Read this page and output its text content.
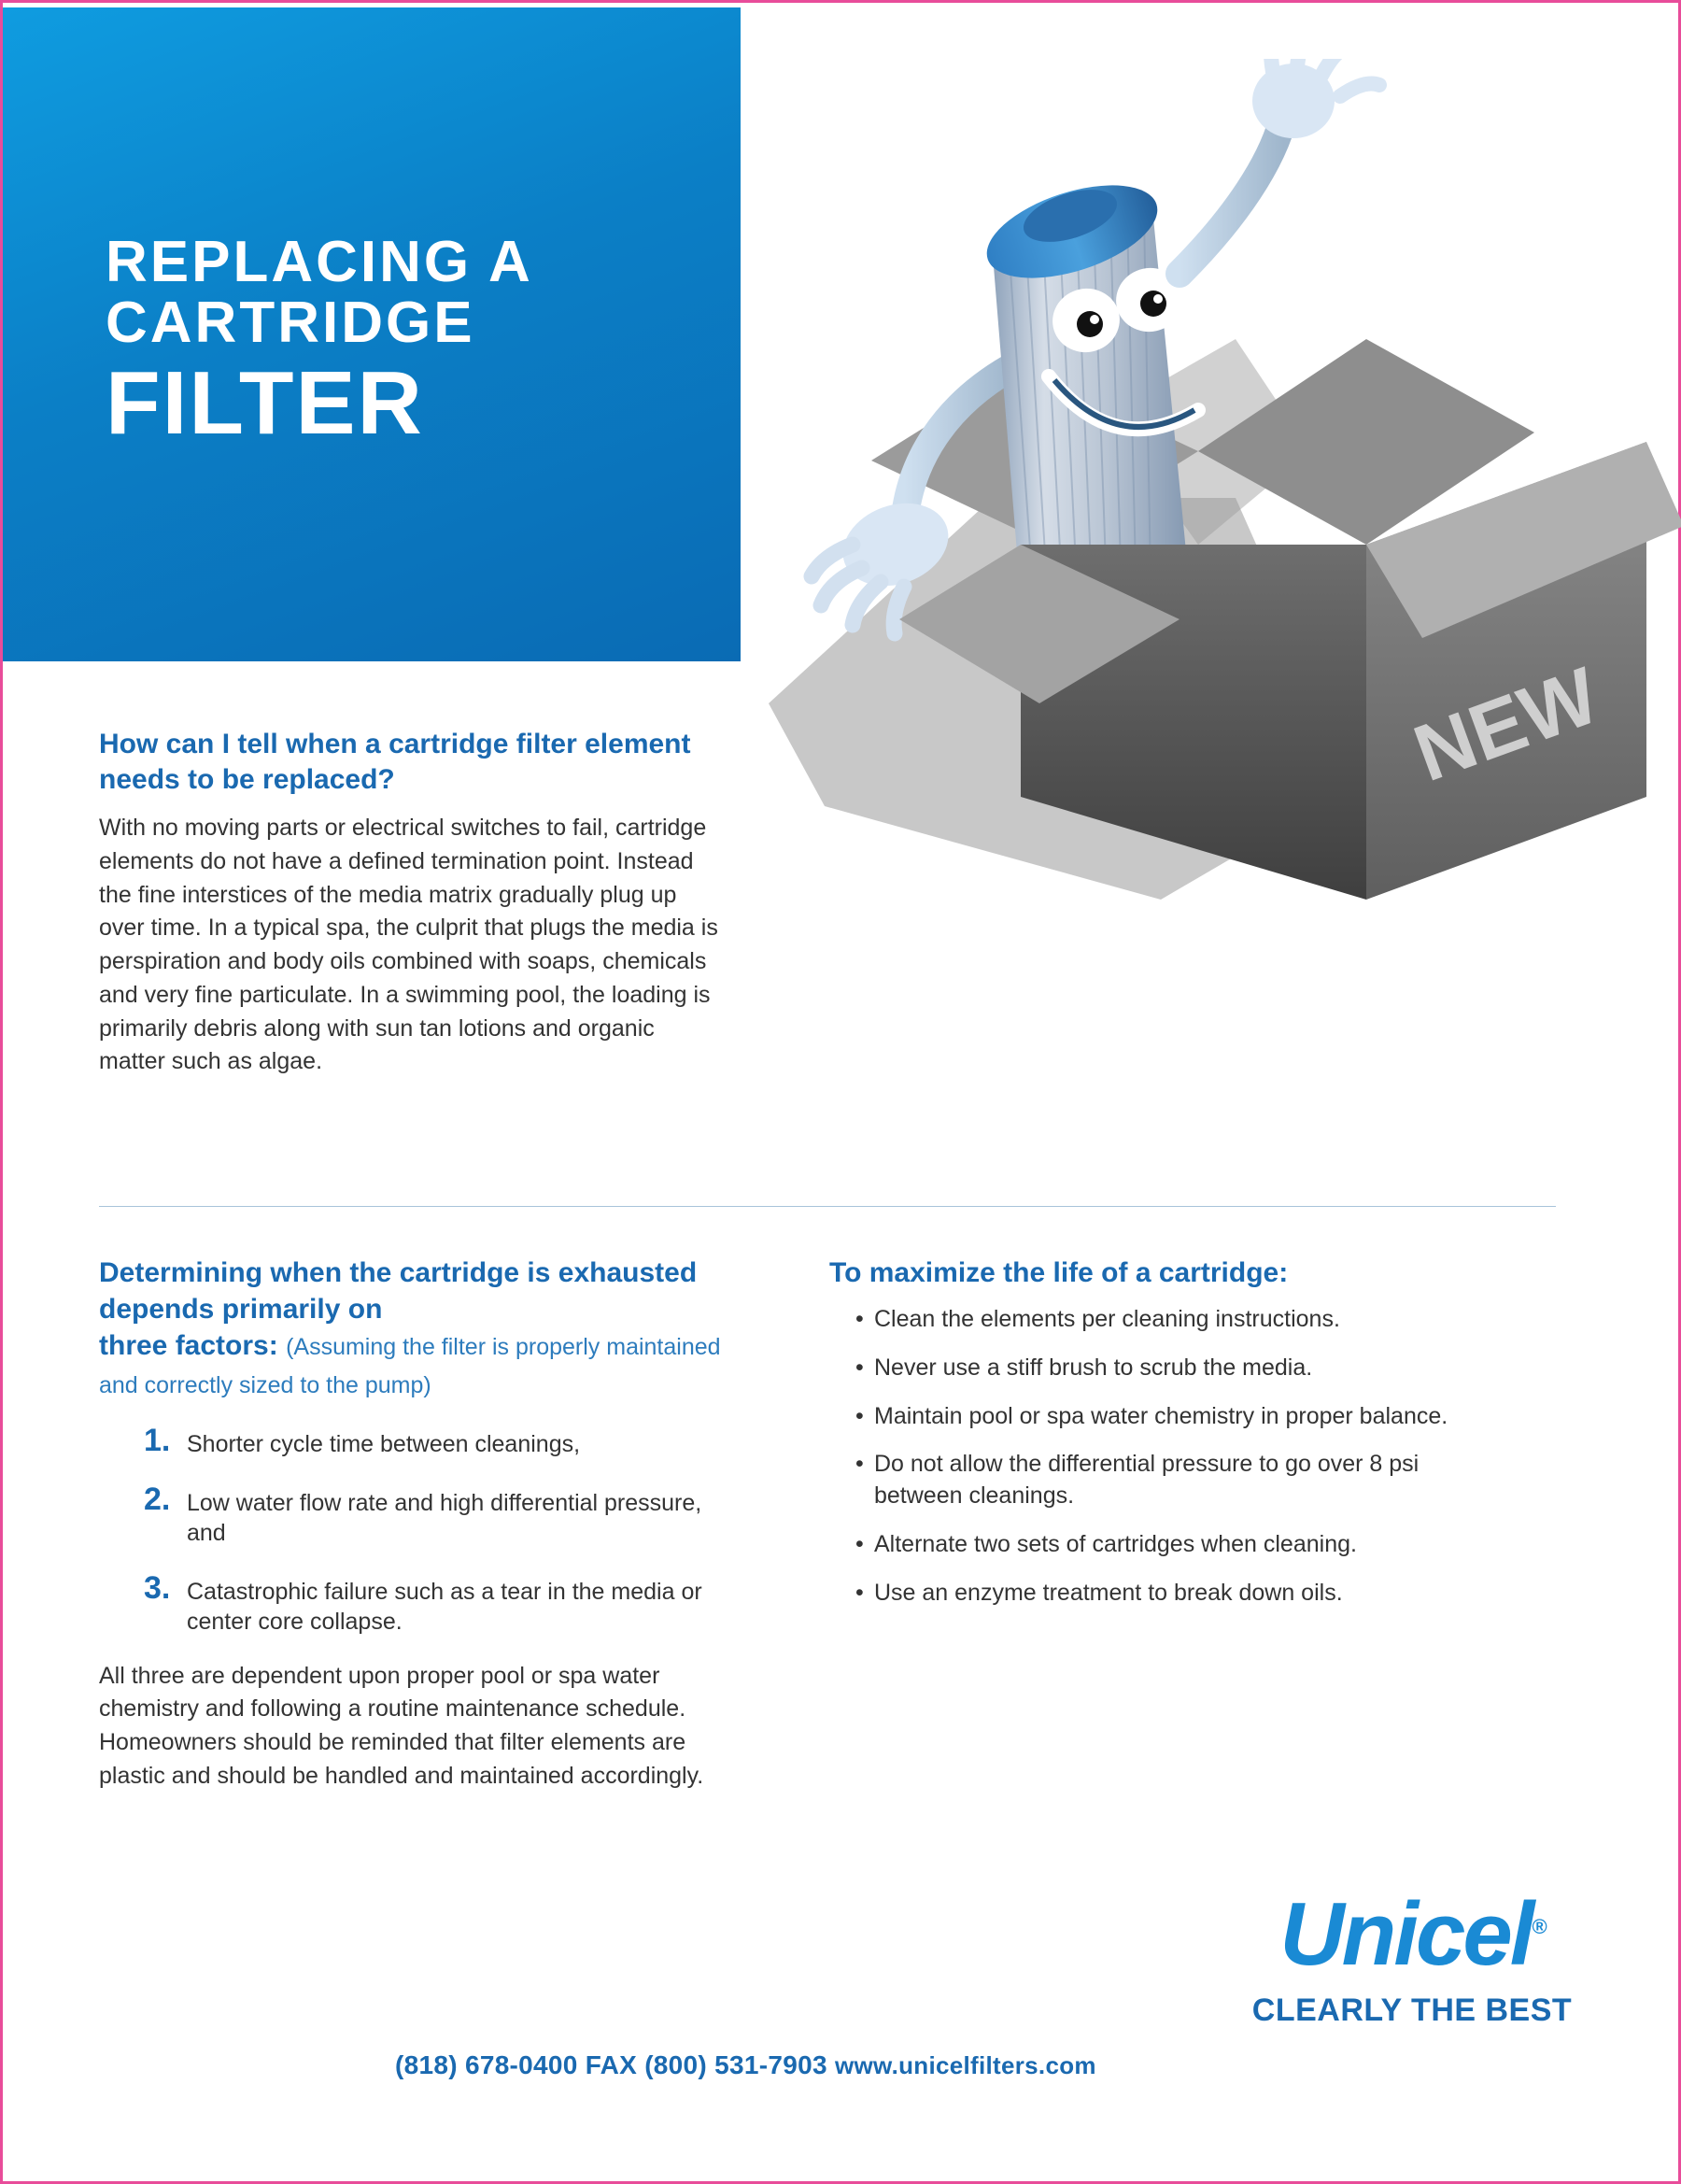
REPLACING A
CARTRIDGE
FILTER
NEW
How can I tell when a cartridge filter element needs to be replaced?

With no moving parts or electrical switches to fail, cartridge elements do not have a defined termination point. Instead the fine interstices of the media matrix gradually plug up over time. In a typical spa, the culprit that plugs the media is perspiration and body oils combined with soaps, chemicals and very fine particulate. In a swimming pool, the loading is primarily debris along with sun tan lotions and organic matter such as algae.

Determining when the cartridge is exhausted depends primarily on
three factors: (Assuming the filter is properly maintained and correctly sized to the pump)
1. Shorter cycle time between cleanings,
2. Low water flow rate and high differential pressure, and
3. Catastrophic failure such as a tear in the media or center core collapse.

All three are dependent upon proper pool or spa water chemistry and following a routine maintenance schedule. Homeowners should be reminded that filter elements are plastic and should be handled and maintained accordingly.

To maximize the life of a cartridge:
• Clean the elements per cleaning instructions.
• Never use a stiff brush to scrub the media.
• Maintain pool or spa water chemistry in proper balance.
• Do not allow the differential pressure to go over 8 psi between cleanings.
• Alternate two sets of cartridges when cleaning.
• Use an enzyme treatment to break down oils.
(818) 678-0400 FAX (800) 531-7903 www.unicelfilters.com
Unicel®
CLEARLY THE BEST
